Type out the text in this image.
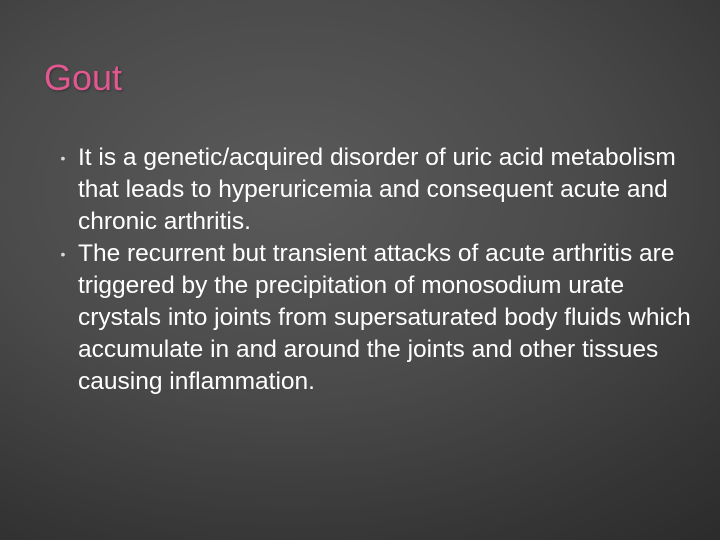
Gout
• It is a genetic/acquired disorder of uric acid metabolism that leads to hyperuricemia and consequent acute and chronic arthritis.
• The recurrent but transient attacks of acute arthritis are triggered by the precipitation of monosodium urate crystals into joints from supersaturated body fluids which accumulate in and around the joints and other tissues causing inflammation.
